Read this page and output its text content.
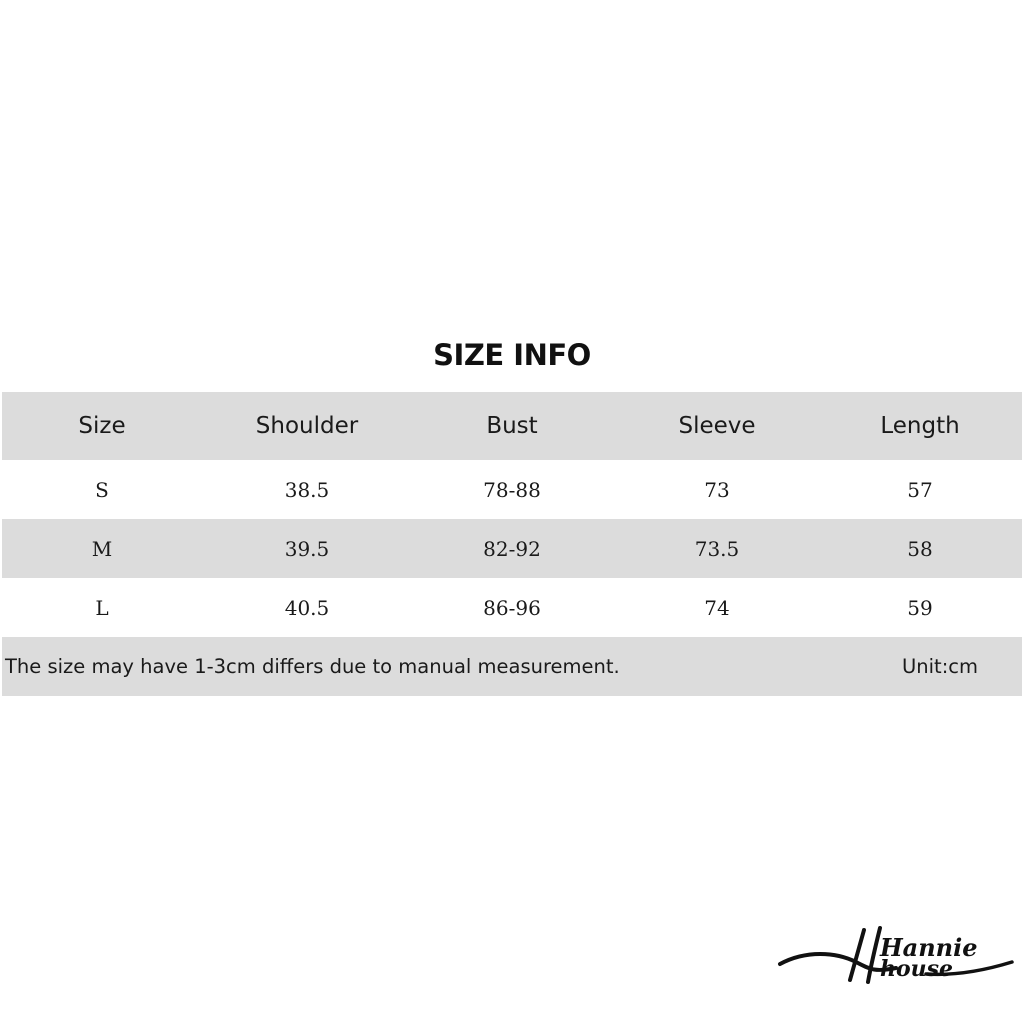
SIZE INFO
Size	Shoulder	Bust	Sleeve	Length
S	38.5	78-88	73	57
M	39.5	82-92	73.5	58
L	40.5	86-96	74	59
The size may have 1-3cm differs due to manual measurement.	Unit:cm
Hannie
house
